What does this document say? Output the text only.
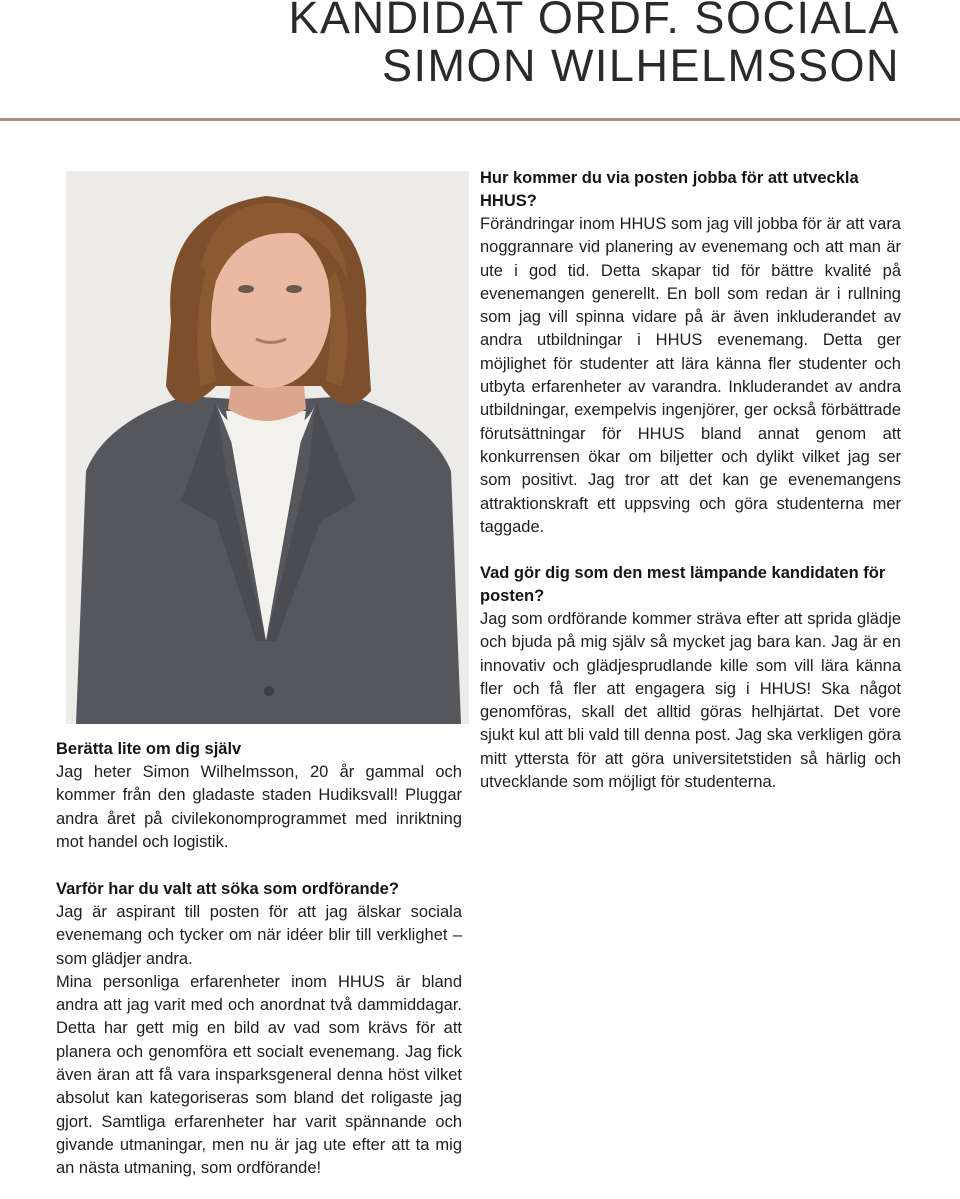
KANDIDAT ORDF. SOCIALA
SIMON WILHELMSSON
Hur kommer du via posten jobba för att utveckla HHUS?

Förändringar inom HHUS som jag vill jobba för är att vara noggrannare vid planering av evenemang och att man är ute i god tid. Detta skapar tid för bättre kvalité på evenemangen generellt. En boll som redan är i rullning som jag vill spinna vidare på är även inkluderandet av andra utbildningar i HHUS evenemang. Detta ger möjlighet för studenter att lära känna fler studenter och utbyta erfarenheter av varandra. Inkluderandet av andra utbildningar, exempelvis ingenjörer, ger också förbättrade förutsättningar för HHUS bland annat genom att konkurrensen ökar om biljetter och dylikt vilket jag ser som positivt. Jag tror att det kan ge evenemangens attraktionskraft ett uppsving och göra studenterna mer taggade.

Vad gör dig som den mest lämpande kandidaten för posten?

Jag som ordförande kommer sträva efter att sprida glädje och bjuda på mig själv så mycket jag bara kan. Jag är en innovativ och glädjesprudlande kille som vill lära känna fler och få fler att engagera sig i HHUS! Ska något genomföras, skall det alltid göras helhjärtat. Det vore sjukt kul att bli vald till denna post. Jag ska verkligen göra mitt yttersta för att göra universitetstiden så härlig och utvecklande som möjligt för studenterna.

Berätta lite om dig själv

Jag heter Simon Wilhelmsson, 20 år gammal och kommer från den gladaste staden Hudiksvall! Pluggar andra året på civilekonomprogrammet med inriktning mot handel och logistik.

Varför har du valt att söka som ordförande?

Jag är aspirant till posten för att jag älskar sociala evenemang och tycker om när idéer blir till verklighet – som glädjer andra.

Mina personliga erfarenheter inom HHUS är bland andra att jag varit med och anordnat två dammiddagar. Detta har gett mig en bild av vad som krävs för att planera och genomföra ett socialt evenemang. Jag fick även äran att få vara insparksgeneral denna höst vilket absolut kan kategoriseras som bland det roligaste jag gjort. Samtliga erfarenheter har varit spännande och givande utmaningar, men nu är jag ute efter att ta mig an nästa utmaning, som ordförande!
